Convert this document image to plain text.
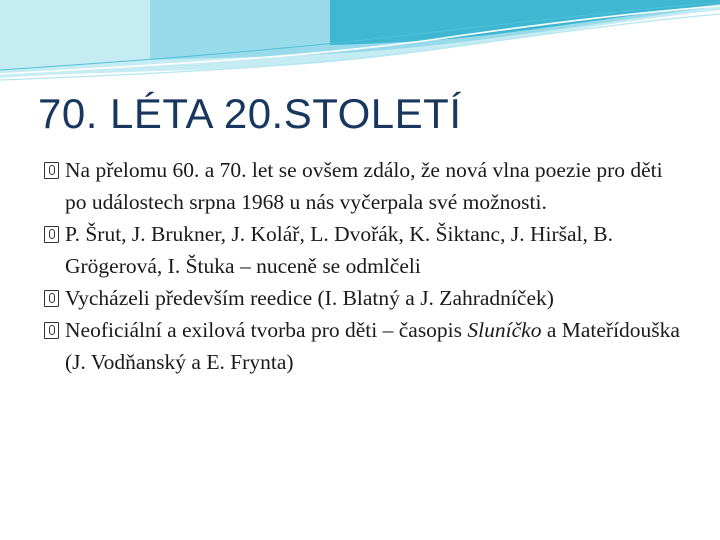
70. LÉTA 20.STOLETÍ
Na přelomu 60. a 70. let se ovšem zdálo, že nová vlna poezie pro děti po událostech srpna 1968 u nás vyčerpala své možnosti.
P. Šrut, J. Brukner, J. Kolář, L. Dvořák, K. Šiktanc, J. Hiršal, B. Grögerová, I. Štuka – nuceně se odmlčeli
Vycházeli především reedice (I. Blatný a J. Zahradníček)
Neoficiální a exilová tvorba pro děti – časopis Sluníčko a Mateřídouška (J. Vodňanský a E. Frynta)
